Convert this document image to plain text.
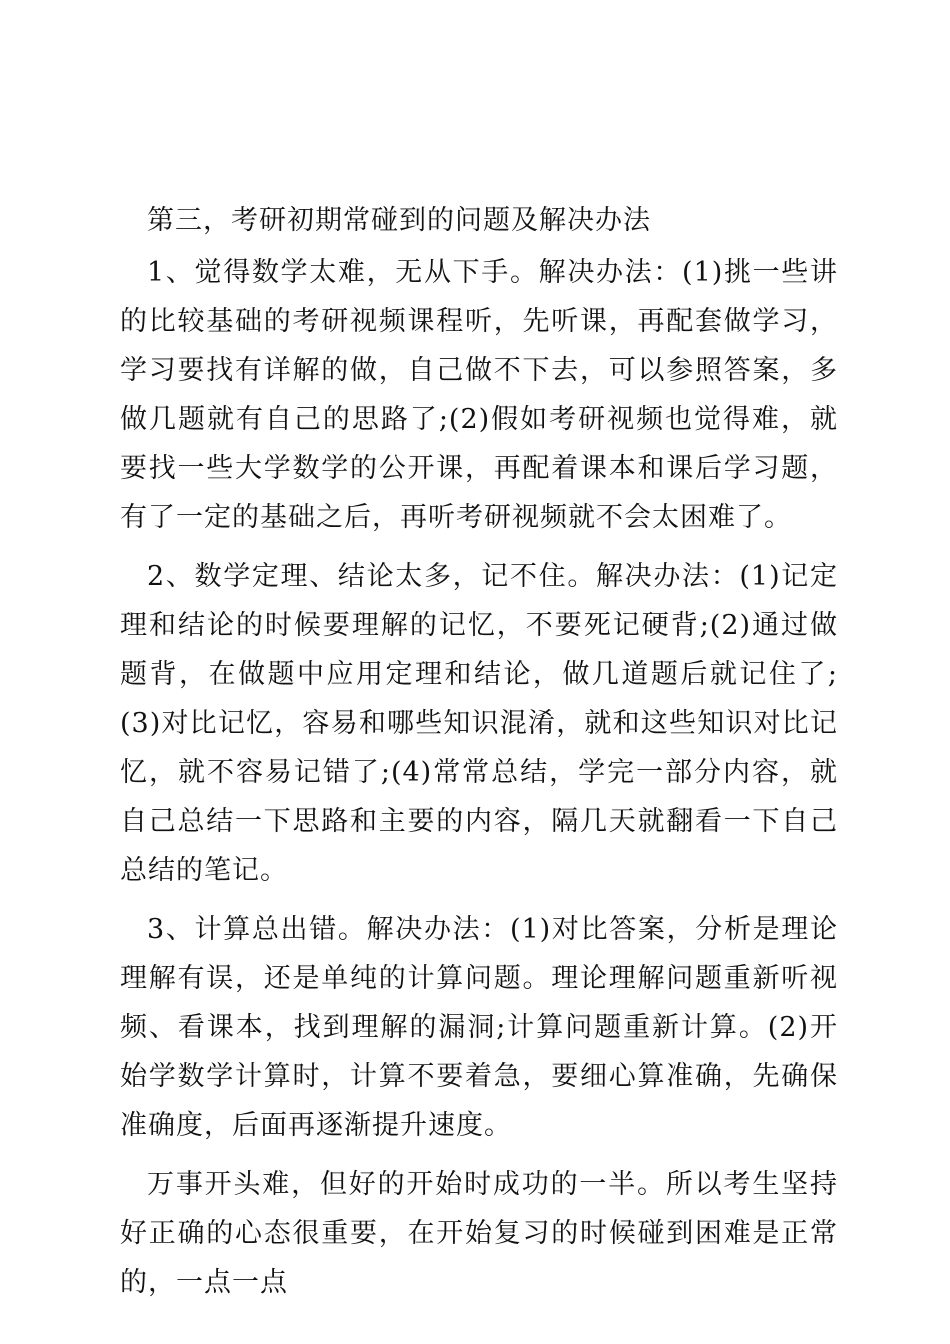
第三，考研初期常碰到的问题及解决办法

1、觉得数学太难，无从下手。解决办法：(1)挑一些讲的比较基础的考研视频课程听，先听课，再配套做学习，学习要找有详解的做，自己做不下去，可以参照答案，多做几题就有自己的思路了;(2)假如考研视频也觉得难，就要找一些大学数学的公开课，再配着课本和课后学习题，有了一定的基础之后，再听考研视频就不会太困难了。

2、数学定理、结论太多，记不住。解决办法：(1)记定理和结论的时候要理解的记忆，不要死记硬背;(2)通过做题背，在做题中应用定理和结论，做几道题后就记住了;(3)对比记忆，容易和哪些知识混淆，就和这些知识对比记忆，就不容易记错了;(4)常常总结，学完一部分内容，就自己总结一下思路和主要的内容，隔几天就翻看一下自己总结的笔记。

3、计算总出错。解决办法：(1)对比答案，分析是理论理解有误，还是单纯的计算问题。理论理解问题重新听视频、看课本，找到理解的漏洞;计算问题重新计算。(2)开始学数学计算时，计算不要着急，要细心算准确，先确保准确度，后面再逐渐提升速度。

万事开头难，但好的开始时成功的一半。所以考生坚持好正确的心态很重要，在开始复习的时候碰到困难是正常的，一点一点
